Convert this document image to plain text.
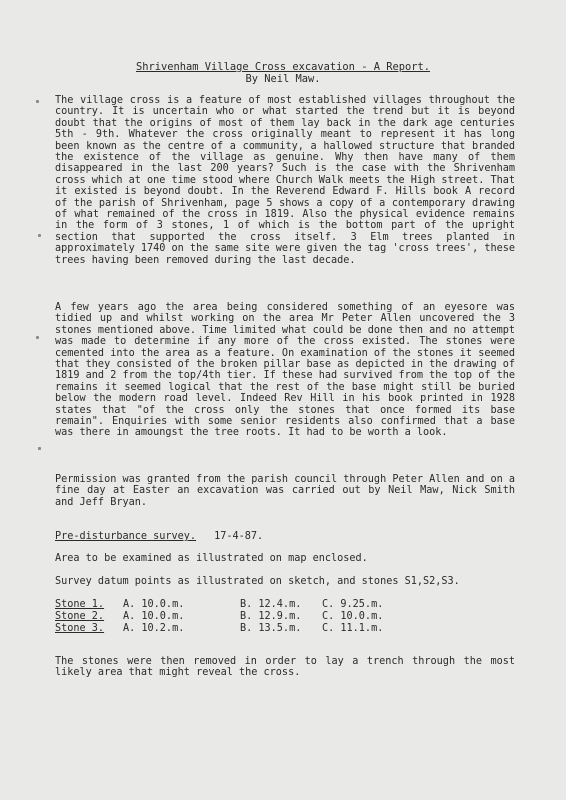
Shrivenham Village Cross excavation - A Report.
By Neil Maw.

The village cross is a feature of most established villages throughout the country. It is uncertain who or what started the trend but it is beyond doubt that the origins of most of them lay back in the dark age centuries 5th - 9th. Whatever the cross originally meant to represent it has long been known as the centre of a community, a hallowed structure that branded the existence of the village as genuine. Why then have many of them disappeared in the last 200 years? Such is the case with the Shrivenham cross which at one time stood where Church Walk meets the High street. That it existed is beyond doubt. In the Reverend Edward F. Hills book A record of the parish of Shrivenham, page 5 shows a copy of a contemporary drawing of what remained of the cross in 1819. Also the physical evidence remains in the form of 3 stones, 1 of which is the bottom part of the upright section that supported the cross itself. 3 Elm trees planted in approximately 1740 on the same site were given the tag 'cross trees', these trees having been removed during the last decade.

A few years ago the area being considered something of an eyesore was tidied up and whilst working on the area Mr Peter Allen uncovered the 3 stones mentioned above. Time limited what could be done then and no attempt was made to determine if any more of the cross existed. The stones were cemented into the area as a feature. On examination of the stones it seemed that they consisted of the broken pillar base as depicted in the drawing of 1819 and 2 from the top/4th tier. If these had survived from the top of the remains it seemed logical that the rest of the base might still be buried below the modern road level. Indeed Rev Hill in his book printed in 1928 states that "of the cross only the stones that once formed its base remain". Enquiries with some senior residents also confirmed that a base was there in amoungst the tree roots. It had to be worth a look.

Permission was granted from the parish council through Peter Allen and on a fine day at Easter an excavation was carried out by Neil Maw, Nick Smith and Jeff Bryan.

Pre-disturbance survey. 17-4-87.
Area to be examined as illustrated on map enclosed.
Survey datum points as illustrated on sketch, and stones S1,S2,S3.
Stone 1. A. 10.0.m.	B. 12.4.m. C. 9.25.m.
Stone 2. A. 10.0.m.	B. 12.9.m. C. 10.0.m.
Stone 3. A. 10.2.m.	B. 13.5.m. C. 11.1.m.

The stones were then removed in order to lay a trench through the most likely area that might reveal the cross.
